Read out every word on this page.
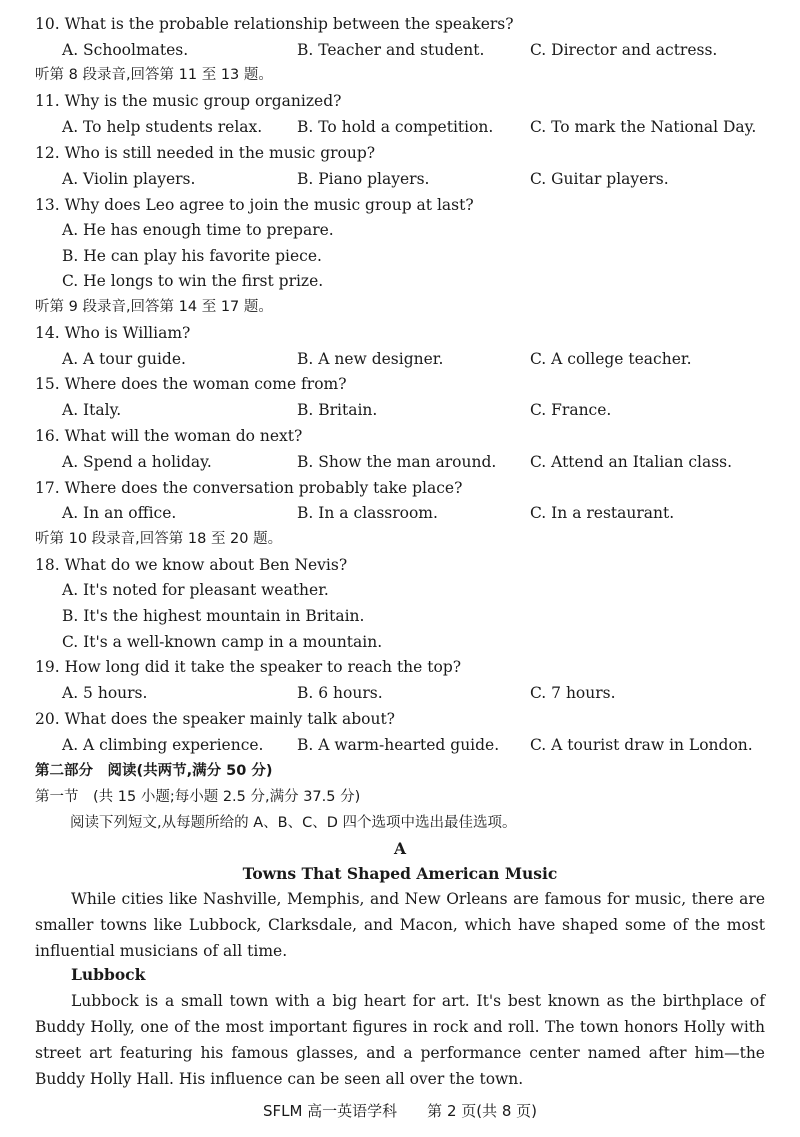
10. What is the probable relationship between the speakers?
A. Schoolmates.	B. Teacher and student.	C. Director and actress.
听第 8 段录音,回答第 11 至 13 题。
11. Why is the music group organized?
A. To help students relax. B. To hold a competition. C. To mark the National Day.
12. Who is still needed in the music group?
A. Violin players.	B. Piano players.	C. Guitar players.
13. Why does Leo agree to join the music group at last?
A. He has enough time to prepare.
B. He can play his favorite piece.
C. He longs to win the first prize.
听第 9 段录音,回答第 14 至 17 题。
14. Who is William?
A. A tour guide.	B. A new designer.	C. A college teacher.
15. Where does the woman come from?
A. Italy.	B. Britain.	C. France.
16. What will the woman do next?
A. Spend a holiday.	B. Show the man around. C. Attend an Italian class.
17. Where does the conversation probably take place?
A. In an office.	B. In a classroom.	C. In a restaurant.
听第 10 段录音,回答第 18 至 20 题。
18. What do we know about Ben Nevis?
A. It's noted for pleasant weather.
B. It's the highest mountain in Britain.
C. It's a well-known camp in a mountain.
19. How long did it take the speaker to reach the top?
A. 5 hours.	B. 6 hours.	C. 7 hours.
20. What does the speaker mainly talk about?
A. A climbing experience. B. A warm-hearted guide. C. A tourist draw in London.
第二部分　阅读(共两节,满分 50 分)
第一节　(共 15 小题;每小题 2.5 分,满分 37.5 分)
阅读下列短文,从每题所给的 A、B、C、D 四个选项中选出最佳选项。
A
Towns That Shaped American Music

While cities like Nashville, Memphis, and New Orleans are famous for music, there are smaller towns like Lubbock, Clarksdale, and Macon, which have shaped some of the most influential musicians of all time.

Lubbock

Lubbock is a small town with a big heart for art. It's best known as the birthplace of Buddy Holly, one of the most important figures in rock and roll. The town honors Holly with street art featuring his famous glasses, and a performance center named after him—the Buddy Holly Hall. His influence can be seen all over the town.

SFLM 高一英语学科　　第 2 页(共 8 页)
